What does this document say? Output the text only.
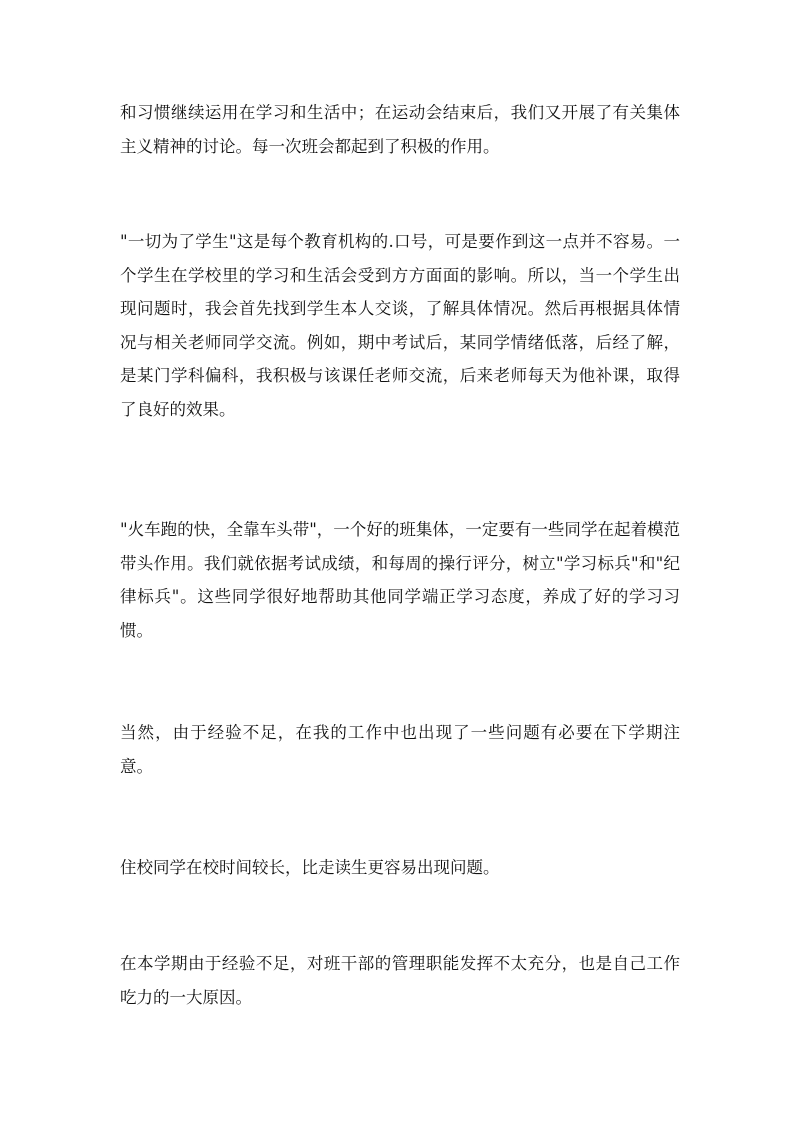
和习惯继续运用在学习和生活中；在运动会结束后，我们又开展了有关集体主义精神的讨论。每一次班会都起到了积极的作用。

"一切为了学生"这是每个教育机构的.口号，可是要作到这一点并不容易。一个学生在学校里的学习和生活会受到方方面面的影响。所以，当一个学生出现问题时，我会首先找到学生本人交谈，了解具体情况。然后再根据具体情况与相关老师同学交流。例如，期中考试后，某同学情绪低落，后经了解，是某门学科偏科，我积极与该课任老师交流，后来老师每天为他补课，取得了良好的效果。

"火车跑的快，全靠车头带"，一个好的班集体，一定要有一些同学在起着模范带头作用。我们就依据考试成绩，和每周的操行评分，树立"学习标兵"和"纪律标兵"。这些同学很好地帮助其他同学端正学习态度，养成了好的学习习惯。

当然，由于经验不足，在我的工作中也出现了一些问题有必要在下学期注意。

住校同学在校时间较长，比走读生更容易出现问题。

在本学期由于经验不足，对班干部的管理职能发挥不太充分，也是自己工作吃力的一大原因。
